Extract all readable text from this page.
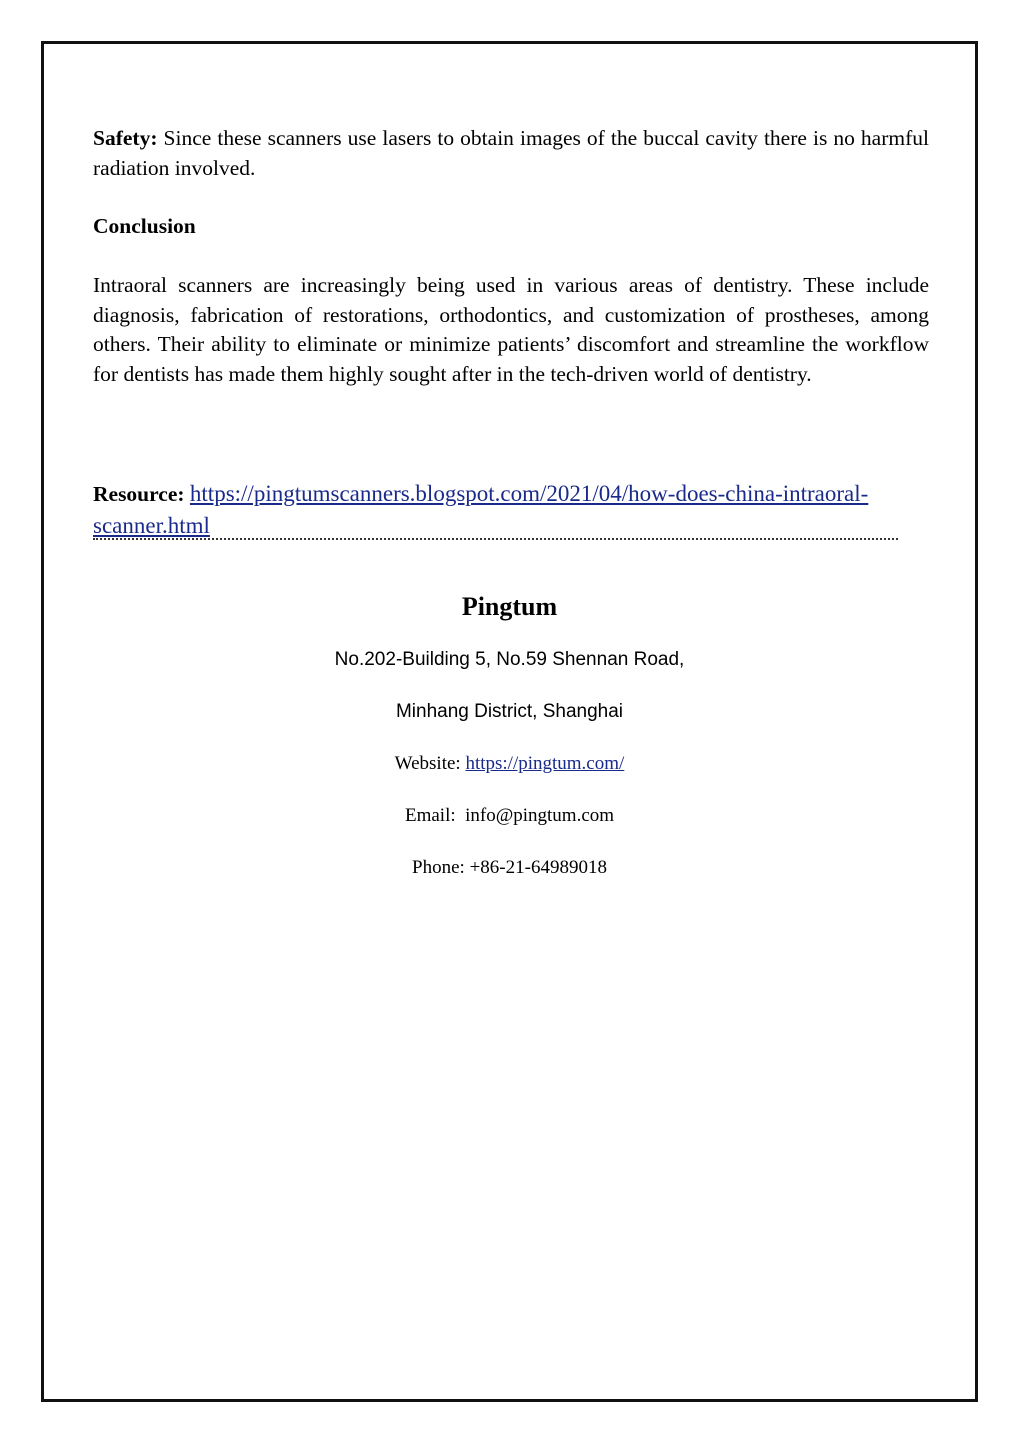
Safety: Since these scanners use lasers to obtain images of the buccal cavity there is no harmful radiation involved.

Conclusion

Intraoral scanners are increasingly being used in various areas of dentistry. These include diagnosis, fabrication of restorations, orthodontics, and customization of prostheses, among others. Their ability to eliminate or minimize patients’ discomfort and streamline the workflow for dentists has made them highly sought after in the tech-driven world of dentistry.

Resource: https://pingtumscanners.blogspot.com/2021/04/how-does-china-intraoral-scanner.html

Pingtum

No.202-Building 5, No.59 Shennan Road,

Minhang District, Shanghai

Website: https://pingtum.com/

Email: info@pingtum.com

Phone: +86-21-64989018
